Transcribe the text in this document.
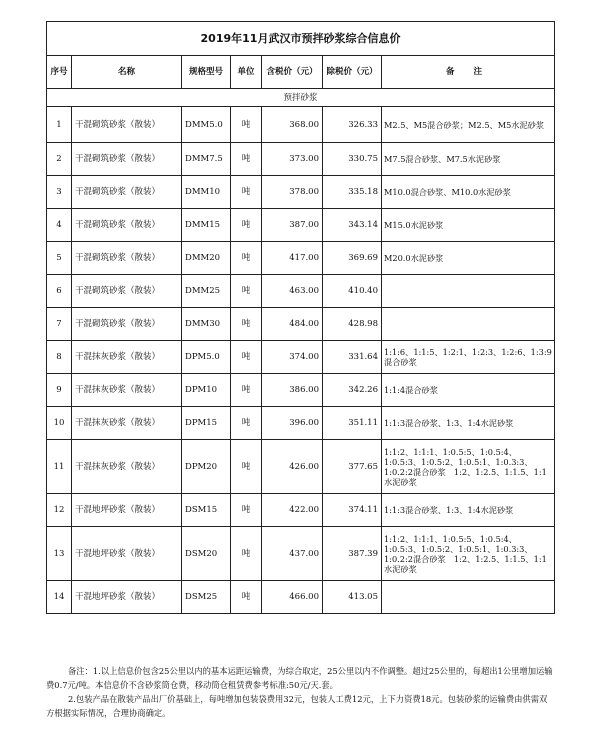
2019年11月武汉市预拌砂浆综合信息价						
序号	名称	规格型号	单位	含税价（元）	除税价（元）	备 注
预拌砂浆						
1	干混砌筑砂浆（散装）	DMM5.0	吨	368.00	326.33	M2.5、M5混合砂浆；M2.5、M5水泥砂浆
2	干混砌筑砂浆（散装）	DMM7.5	吨	373.00	330.75	M7.5混合砂浆、M7.5水泥砂浆
3	干混砌筑砂浆（散装）	DMM10	吨	378.00	335.18	M10.0混合砂浆、M10.0水泥砂浆
4	干混砌筑砂浆（散装）	DMM15	吨	387.00	343.14	M15.0水泥砂浆
5	干混砌筑砂浆（散装）	DMM20	吨	417.00	369.69	M20.0水泥砂浆
6	干混砌筑砂浆（散装）	DMM25	吨	463.00	410.40	
7	干混砌筑砂浆（散装）	DMM30	吨	484.00	428.98	
8	干混抹灰砂浆（散装）	DPM5.0	吨	374.00	331.64	1:1:6、1:1:5、1:2:1、1:2:3、1:2:6、1:3:9混合砂浆
9	干混抹灰砂浆（散装）	DPM10	吨	386.00	342.26	1:1:4混合砂浆
10	干混抹灰砂浆（散装）	DPM15	吨	396.00	351.11	1:1:3混合砂浆、1:3、1:4水泥砂浆
11	干混抹灰砂浆（散装）	DPM20	吨	426.00	377.65	1:1:2、1:1:1、1:0.5:5、1:0.5:4、1:0.5:3、1:0.5:2、1:0.5:1、1:0.3:3、1:0.2:2混合砂浆　1:2、1:2.5、1:1.5、1:1水泥砂浆
12	干混地坪砂浆（散装）	DSM15	吨	422.00	374.11	1:1:3混合砂浆、1:3、1:4水泥砂浆
13	干混地坪砂浆（散装）	DSM20	吨	437.00	387.39	1:1:2、1:1:1、1:0.5:5、1:0.5:4、1:0.5:3、1:0.5:2、1:0.5:1、1:0.3:3、1:0.2:2混合砂浆　1:2、1:2.5、1:1.5、1:1水泥砂浆
14	干混地坪砂浆（散装）	DSM25	吨	466.00	413.05	

备注：1.以上信息价包含25公里以内的基本运距运输费，为综合取定，25公里以内不作调整。超过25公里的，每超出1公里增加运输费0.7元/吨。本信息价不含砂浆筒仓费，移动筒仓租赁费参考标准:50元/天.套。

2.包装产品在散装产品出厂价基础上，每吨增加包装袋费用32元，包装人工费12元，上下力资费18元。包装砂浆的运输费由供需双方根据实际情况，合理协商确定。
